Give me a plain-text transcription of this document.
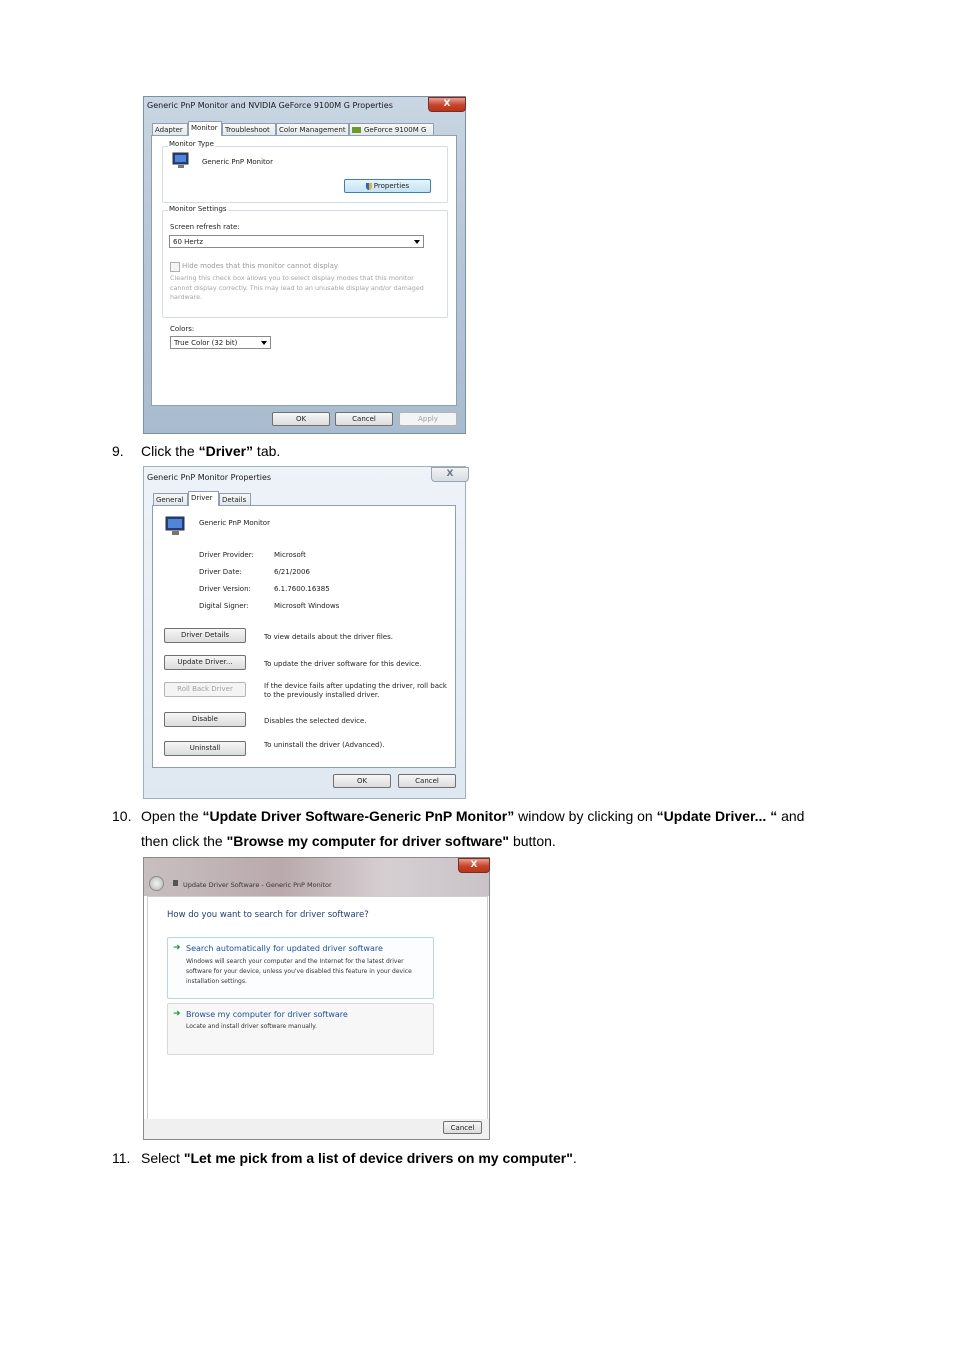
Generic PnP Monitor and NVIDIA GeForce 9100M G Properties	X
Adapter	Monitor	Troubleshoot	Color Management	GeForce 9100M G
Monitor Type
Generic PnP Monitor
Properties
Monitor Settings
Screen refresh rate:
60 Hertz
Hide modes that this monitor cannot display
Clearing this check box allows you to select display modes that this monitor cannot display correctly. This may lead to an unusable display and/or damaged hardware.
Colors:
True Color (32 bit)
OK	Cancel	Apply
9. Click the “Driver” tab.
Generic PnP Monitor Properties	X
General	Driver	Details
Generic PnP Monitor
Driver Provider:	Microsoft
Driver Date:	6/21/2006
Driver Version:	6.1.7600.16385
Digital Signer:	Microsoft Windows
Driver Details	To view details about the driver files.
Update Driver...	To update the driver software for this device.
Roll Back Driver	If the device fails after updating the driver, roll back to the previously installed driver.
Disable	Disables the selected device.
Uninstall	To uninstall the driver (Advanced).
OK	Cancel
10. Open the “Update Driver Software-Generic PnP Monitor” window by clicking on “Update Driver... “ and
then click the "Browse my computer for driver software" button.
Update Driver Software - Generic PnP Monitor
X
How do you want to search for driver software?
➜ Search automatically for updated driver software
Windows will search your computer and the Internet for the latest driver software for your device, unless you've disabled this feature in your device installation settings.
➜ Browse my computer for driver software
Locate and install driver software manually.
Cancel
11. Select "Let me pick from a list of device drivers on my computer".
